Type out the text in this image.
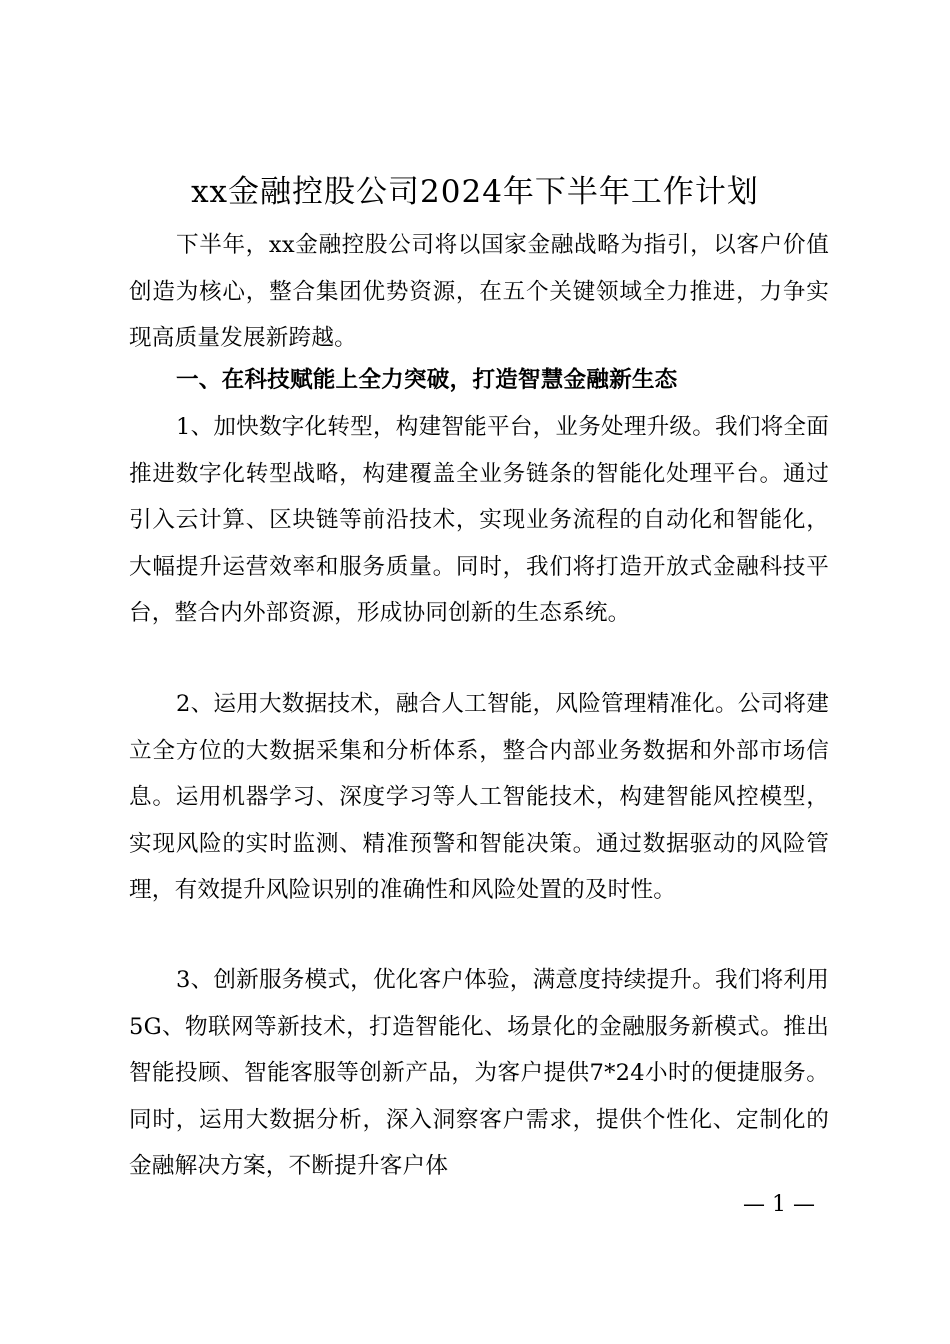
xx金融控股公司2024年下半年工作计划

下半年，xx金融控股公司将以国家金融战略为指引，以客户价值创造为核心，整合集团优势资源，在五个关键领域全力推进，力争实现高质量发展新跨越。

一、在科技赋能上全力突破，打造智慧金融新生态

1、加快数字化转型，构建智能平台，业务处理升级。我们将全面推进数字化转型战略，构建覆盖全业务链条的智能化处理平台。通过引入云计算、区块链等前沿技术，实现业务流程的自动化和智能化，大幅提升运营效率和服务质量。同时，我们将打造开放式金融科技平台，整合内外部资源，形成协同创新的生态系统。

2、运用大数据技术，融合人工智能，风险管理精准化。公司将建立全方位的大数据采集和分析体系，整合内部业务数据和外部市场信息。运用机器学习、深度学习等人工智能技术，构建智能风控模型，实现风险的实时监测、精准预警和智能决策。通过数据驱动的风险管理，有效提升风险识别的准确性和风险处置的及时性。

3、创新服务模式，优化客户体验，满意度持续提升。我们将利用5G、物联网等新技术，打造智能化、场景化的金融服务新模式。推出智能投顾、智能客服等创新产品，为客户提供7*24小时的便捷服务。同时，运用大数据分析，深入洞察客户需求，提供个性化、定制化的金融解决方案，不断提升客户体

— 1 —
